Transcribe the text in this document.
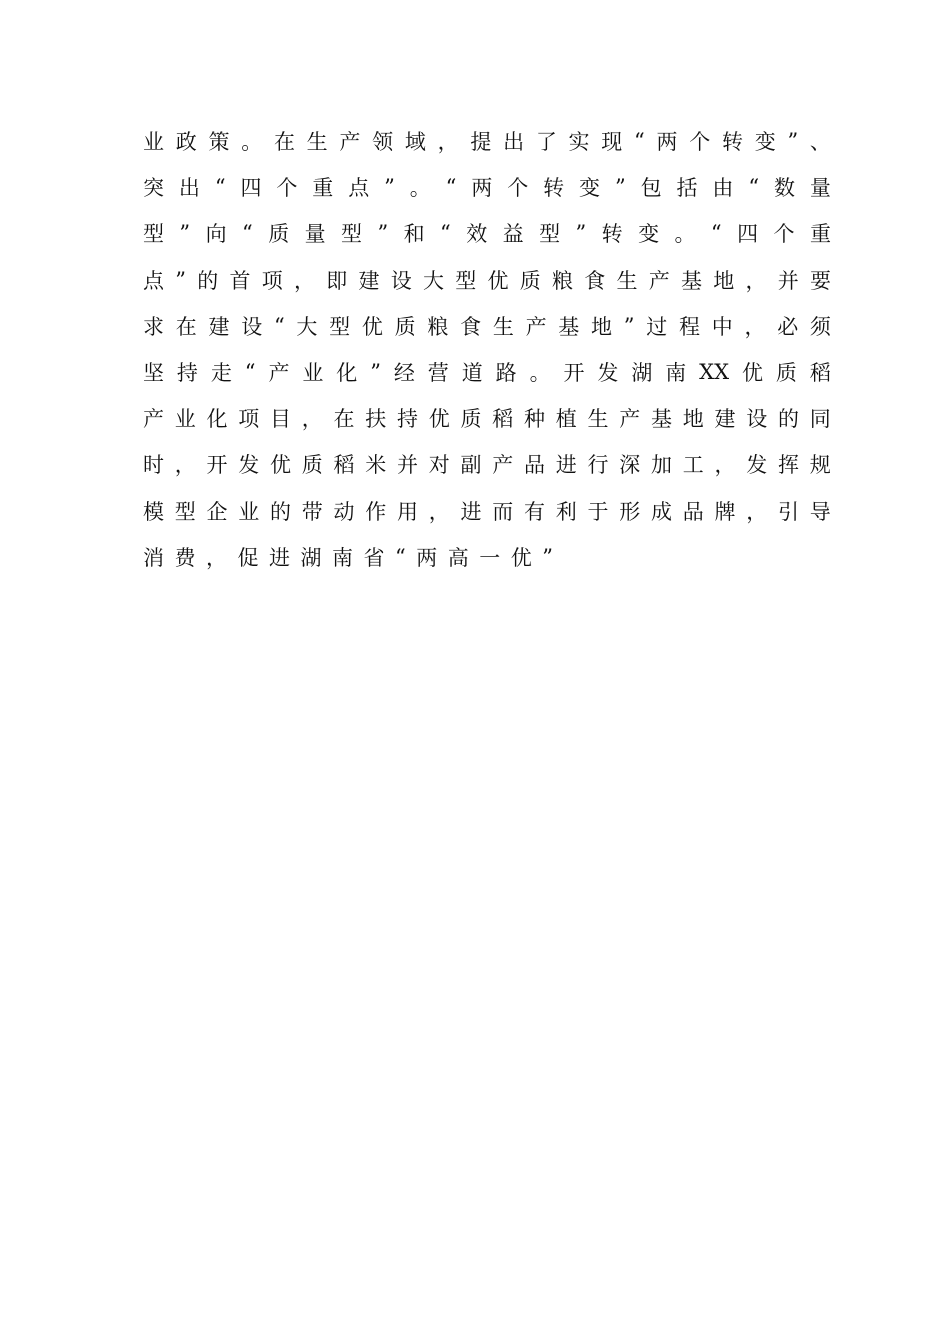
业 政 策 。 在 生 产 领 域 ， 提 出 了 实 现 “ 两 个 转 变 ” 、
突 出 “ 四 个 重 点 ” 。 “ 两 个 转 变 ” 包 括 由 “ 数 量
型 ” 向 “ 质 量 型 ” 和 “ 效 益 型 ” 转 变 。 “ 四 个 重
点 ” 的 首 项 ， 即 建 设 大 型 优 质 粮 食 生 产 基 地 ， 并 要
求 在 建 设 “ 大 型 优 质 粮 食 生 产 基 地 ” 过 程 中 ， 必 须
坚 持 走 “ 产 业 化 ” 经 营 道 路 。 开 发 湖 南 XX 优 质 稻
产 业 化 项 目 ， 在 扶 持 优 质 稻 种 植 生 产 基 地 建 设 的 同
时 ， 开 发 优 质 稻 米 并 对 副 产 品 进 行 深 加 工 ， 发 挥 规
模 型 企 业 的 带 动 作 用 ， 进 而 有 利 于 形 成 品 牌 ， 引 导
消 费 ， 促 进 湖 南 省 “ 两 高 一 优 ”
